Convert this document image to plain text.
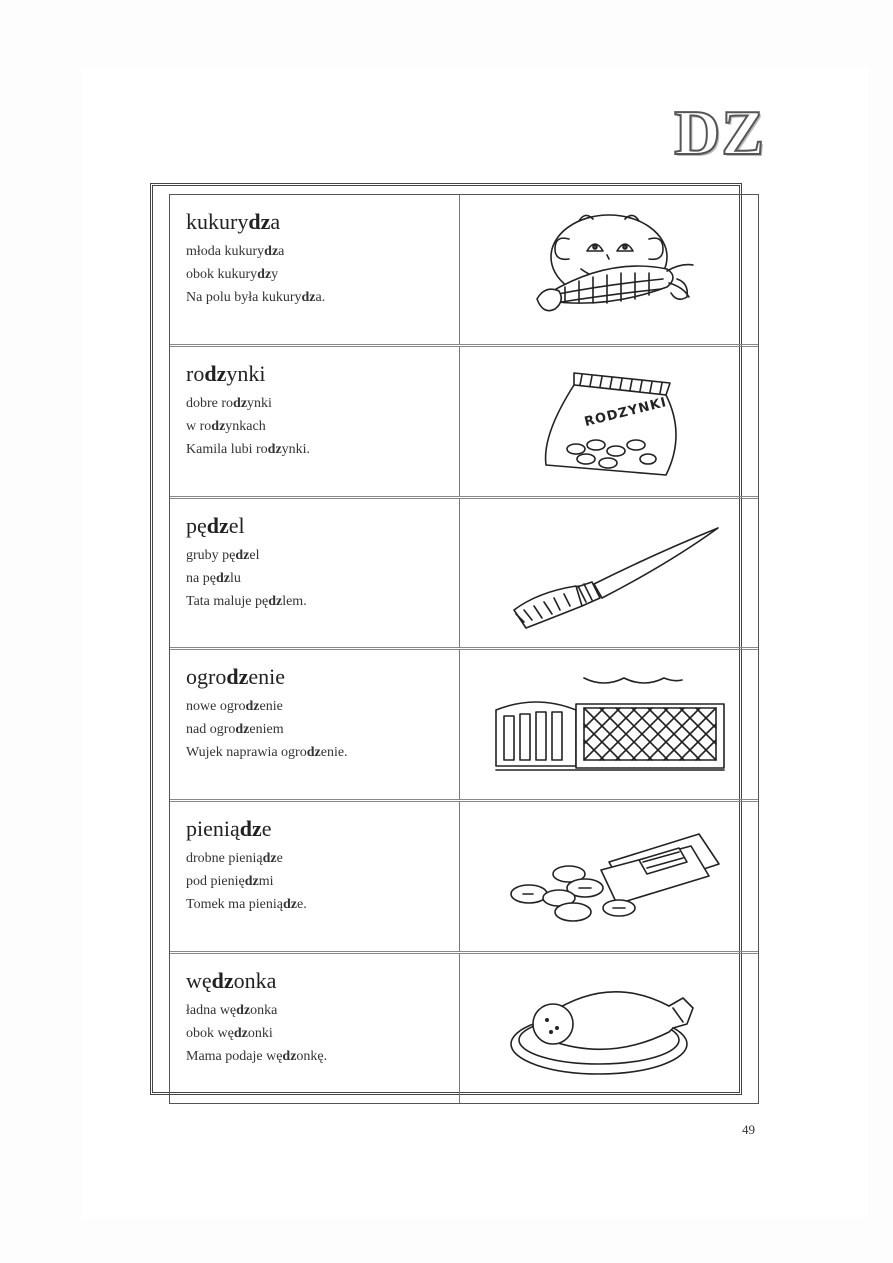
DZ
kukurydza
młoda kukurydza
obok kukurydzy
Na polu była kukurydza.
rodzynki
dobre rodzynki
w rodzynkach
Kamila lubi rodzynki.
RODZYNKI
pędzel
gruby pędzel
na pędzlu
Tata maluje pędzlem.
ogrodzenie
nowe ogrodzenie
nad ogrodzeniem
Wujek naprawia ogrodzenie.
pieniądze
drobne pieniądze
pod pieniędzmi
Tomek ma pieniądze.
wędzonka
ładna wędzonka
obok wędzonki
Mama podaje wędzonkę.
49
